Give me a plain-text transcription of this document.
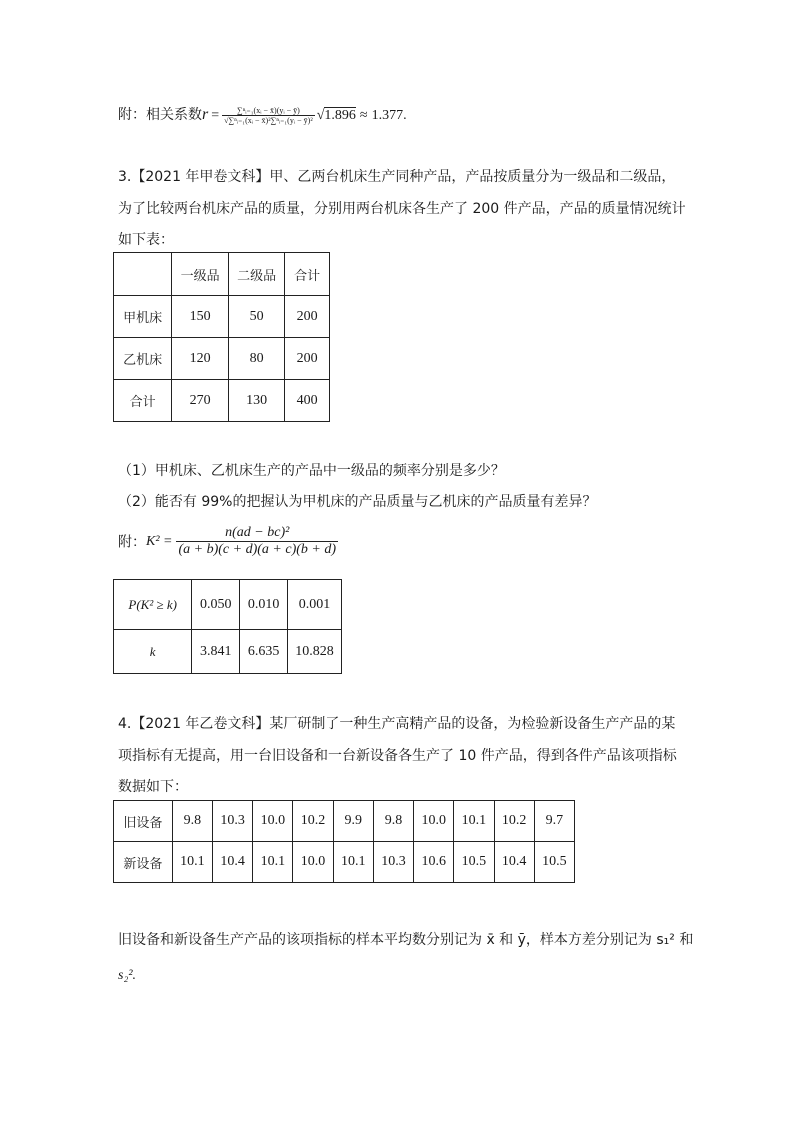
附：相关系数$r = \frac{\text{∑ⁿᵢ₌₁(xᵢ − x̄)(yᵢ − ȳ)}}{\text{√∑ⁿᵢ₌₁(xᵢ − x̄)²∑ⁿᵢ₌₁(yᵢ − ȳ)²}} √1.896 \approx 1.377$.
3.【2021 年甲卷文科】甲、乙两台机床生产同种产品，产品按质量分为一级品和二级品，
为了比较两台机床产品的质量，分别用两台机床各生产了 200 件产品，产品的质量情况统计
如下表：
	一级品	二级品	合计
甲机床	150	50	200
乙机床	120	80	200
合计	270	130	400
（1）甲机床、乙机床生产的产品中一级品的频率分别是多少？
（2）能否有 99%的把握认为甲机床的产品质量与乙机床的产品质量有差异？
附：$K^2 = \frac{\text{n(ad − bc)²}}{(a + b)(c + d)(a + c)(b + d)}$
P(K² ≥ k)	0.050	0.010	0.001
k	3.841	6.635	10.828
4.【2021 年乙卷文科】某厂研制了一种生产高精产品的设备，为检验新设备生产产品的某
项指标有无提高，用一台旧设备和一台新设备各生产了 10 件产品，得到各件产品该项指标
数据如下：
旧设备	9.8	10.3	10.0	10.2	9.9	9.8	10.0	10.1	10.2	9.7
新设备	10.1	10.4	10.1	10.0	10.1	10.3	10.6	10.5	10.4	10.5
旧设备和新设备生产产品的该项指标的样本平均数分别记为 x̄ 和 ȳ，样本方差分别记为 s₁² 和
s₂².
